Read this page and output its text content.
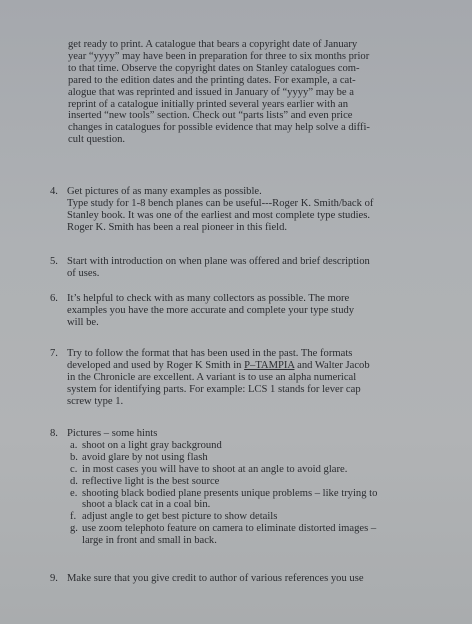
get ready to print. A catalogue that bears a copyright date of January
year “yyyy” may have been in preparation for three to six months prior
to that time. Observe the copyright dates on Stanley catalogues com-
pared to the edition dates and the printing dates. For example, a cat-
alogue that was reprinted and issued in January of “yyyy” may be a
reprint of a catalogue initially printed several years earlier with an
inserted “new tools” section. Check out “parts lists” and even price
changes in catalogues for possible evidence that may help solve a diffi-
cult question.
4. Get pictures of as many examples as possible.
Type study for 1-8 bench planes can be useful---Roger K. Smith/back of
Stanley book. It was one of the earliest and most complete type studies.
Roger K. Smith has been a real pioneer in this field.
5. Start with introduction on when plane was offered and brief description
of uses.
6. It’s helpful to check with as many collectors as possible. The more
examples you have the more accurate and complete your type study
will be.
7. Try to follow the format that has been used in the past. The formats
developed and used by Roger K Smith in P–TAMPIA and Walter Jacob
in the Chronicle are excellent. A variant is to use an alpha numerical
system for identifying parts. For example: LCS 1 stands for lever cap
screw type 1.
8. Pictures – some hints
a. shoot on a light gray background
b. avoid glare by not using flash
c. in most cases you will have to shoot at an angle to avoid glare.
d. reflective light is the best source
e. shooting black bodied plane presents unique problems – like trying to
shoot a black cat in a coal bin.
f. adjust angle to get best picture to show details
g. use zoom telephoto feature on camera to eliminate distorted images –
large in front and small in back.
9. Make sure that you give credit to author of various references you use
